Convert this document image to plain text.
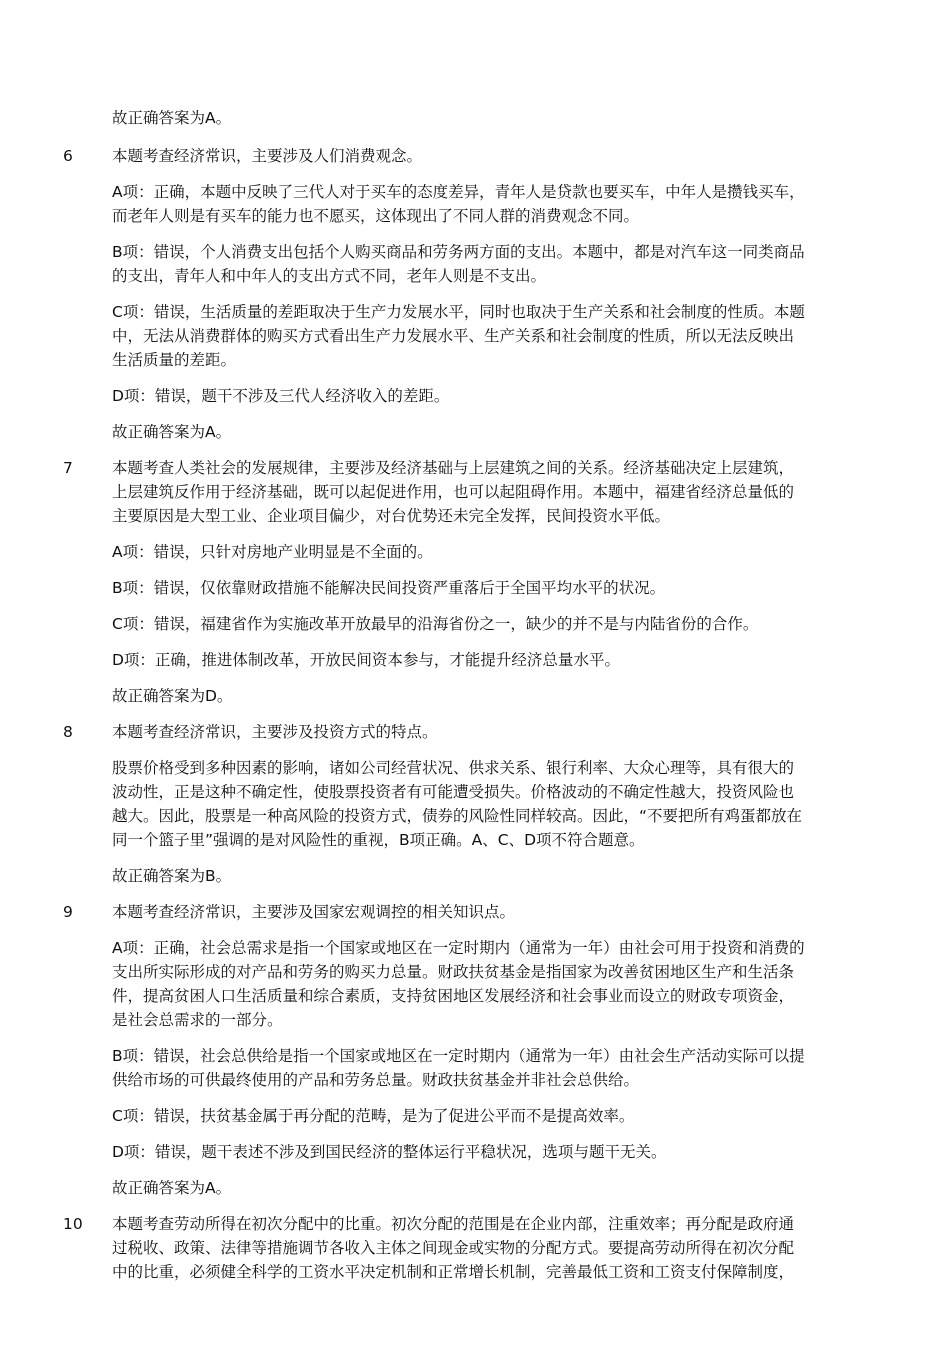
故正确答案为A。
6	本题考查经济常识，主要涉及人们消费观念。
A项：正确，本题中反映了三代人对于买车的态度差异，青年人是贷款也要买车，中年人是攒钱买车，
而老年人则是有买车的能力也不愿买，这体现出了不同人群的消费观念不同。
B项：错误，个人消费支出包括个人购买商品和劳务两方面的支出。本题中，都是对汽车这一同类商品
的支出，青年人和中年人的支出方式不同，老年人则是不支出。
C项：错误，生活质量的差距取决于生产力发展水平，同时也取决于生产关系和社会制度的性质。本题
中，无法从消费群体的购买方式看出生产力发展水平、生产关系和社会制度的性质，所以无法反映出
生活质量的差距。
D项：错误，题干不涉及三代人经济收入的差距。
故正确答案为A。
7	本题考查人类社会的发展规律，主要涉及经济基础与上层建筑之间的关系。经济基础决定上层建筑，
上层建筑反作用于经济基础，既可以起促进作用，也可以起阻碍作用。本题中，福建省经济总量低的
主要原因是大型工业、企业项目偏少，对台优势还未完全发挥，民间投资水平低。
A项：错误，只针对房地产业明显是不全面的。
B项：错误，仅依靠财政措施不能解决民间投资严重落后于全国平均水平的状况。
C项：错误，福建省作为实施改革开放最早的沿海省份之一，缺少的并不是与内陆省份的合作。
D项：正确，推进体制改革，开放民间资本参与，才能提升经济总量水平。
故正确答案为D。
8	本题考查经济常识，主要涉及投资方式的特点。
股票价格受到多种因素的影响，诸如公司经营状况、供求关系、银行利率、大众心理等，具有很大的
波动性，正是这种不确定性，使股票投资者有可能遭受损失。价格波动的不确定性越大，投资风险也
越大。因此，股票是一种高风险的投资方式，债券的风险性同样较高。因此，“不要把所有鸡蛋都放在
同一个篮子里”强调的是对风险性的重视，B项正确。A、C、D项不符合题意。
故正确答案为B。
9	本题考查经济常识，主要涉及国家宏观调控的相关知识点。
A项：正确，社会总需求是指一个国家或地区在一定时期内（通常为一年）由社会可用于投资和消费的
支出所实际形成的对产品和劳务的购买力总量。财政扶贫基金是指国家为改善贫困地区生产和生活条
件，提高贫困人口生活质量和综合素质，支持贫困地区发展经济和社会事业而设立的财政专项资金，
是社会总需求的一部分。
B项：错误，社会总供给是指一个国家或地区在一定时期内（通常为一年）由社会生产活动实际可以提
供给市场的可供最终使用的产品和劳务总量。财政扶贫基金并非社会总供给。
C项：错误，扶贫基金属于再分配的范畴，是为了促进公平而不是提高效率。
D项：错误，题干表述不涉及到国民经济的整体运行平稳状况，选项与题干无关。
故正确答案为A。
10 本题考查劳动所得在初次分配中的比重。初次分配的范围是在企业内部，注重效率；再分配是政府通
过税收、政策、法律等措施调节各收入主体之间现金或实物的分配方式。要提高劳动所得在初次分配
中的比重，必须健全科学的工资水平决定机制和正常增长机制，完善最低工资和工资支付保障制度，
